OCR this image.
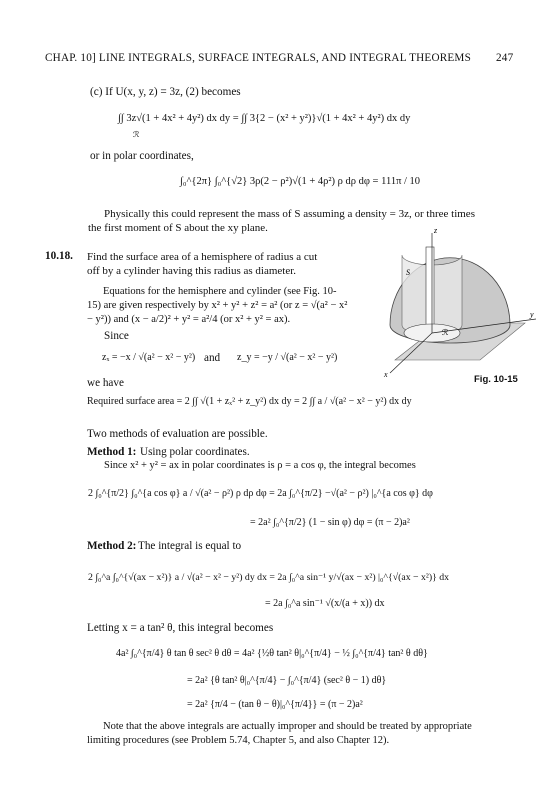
CHAP. 10] LINE INTEGRALS, SURFACE INTEGRALS, AND INTEGRAL THEOREMS 247
(c) If U(x, y, z) = 3z, (2) becomes
∫∫ 3z√(1 + 4x² + 4y²) dx dy = ∫∫ 3{2 − (x² + y²)}√(1 + 4x² + 4y²) dx dy
ℛ
or in polar coordinates,
∫₀^{2π} ∫₀^{√2} 3ρ(2 − ρ²)√(1 + 4ρ²) ρ dρ dφ = 111π / 10
Physically this could represent the mass of S assuming a density = 3z, or three times the first moment of S about the xy plane.
10.18. Find the surface area of a hemisphere of radius a cut off by a cylinder having this radius as diameter.
Equations for the hemisphere and cylinder (see Fig. 10-15) are given respectively by x² + y² + z² = a² (or z = √(a² − x² − y²)) and (x − a/2)² + y² = a²/4 (or x² + y² = ax).
Since
zₓ = −x / √(a² − x² − y²) and z_y = −y / √(a² − x² − y²)
we have
Required surface area = 2 ∫∫ √(1 + zₓ² + z_y²) dx dy = 2 ∫∫ a / √(a² − x² − y²) dx dy
Two methods of evaluation are possible.
z
y
x
S
ℛ
Fig. 10-15
Method 1: Using polar coordinates.
Since x² + y² = ax in polar coordinates is ρ = a cos φ, the integral becomes
2 ∫₀^{π/2} ∫₀^{a cos φ} a / √(a² − ρ²) ρ dρ dφ = 2a ∫₀^{π/2} −√(a² − ρ²) |₀^{a cos φ} dφ
= 2a² ∫₀^{π/2} (1 − sin φ) dφ = (π − 2)a²
Method 2: The integral is equal to
2 ∫₀^a ∫₀^{√(ax − x²)} a / √(a² − x² − y²) dy dx = 2a ∫₀^a sin⁻¹ y/√(ax − x²) |₀^{√(ax − x²)} dx
= 2a ∫₀^a sin⁻¹ √(x/(a + x)) dx
Letting x = a tan² θ, this integral becomes
4a² ∫₀^{π/4} θ tan θ sec² θ dθ = 4a² {½θ tan² θ|₀^{π/4} − ½ ∫₀^{π/4} tan² θ dθ}
= 2a² {θ tan² θ|₀^{π/4} − ∫₀^{π/4} (sec² θ − 1) dθ}
= 2a² {π/4 − (tan θ − θ)|₀^{π/4}} = (π − 2)a²
Note that the above integrals are actually improper and should be treated by appropriate limiting procedures (see Problem 5.74, Chapter 5, and also Chapter 12).
